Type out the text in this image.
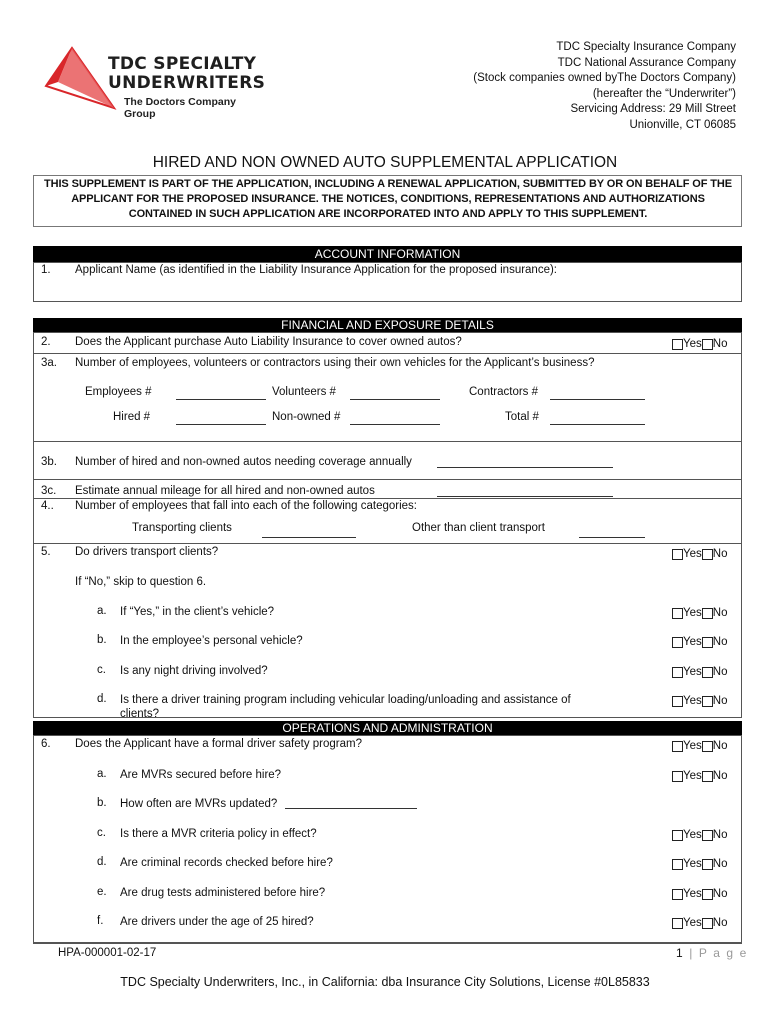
TDC SPECIALTY
UNDERWRITERS
The Doctors Company Group
TDC Specialty Insurance Company
TDC National Assurance Company
(Stock companies owned byThe Doctors Company)
(hereafter the “Underwriter”)
Servicing Address: 29 Mill Street
Unionville, CT 06085
HIRED AND NON OWNED AUTO SUPPLEMENTAL APPLICATION
THIS SUPPLEMENT IS PART OF THE APPLICATION, INCLUDING A RENEWAL APPLICATION, SUBMITTED BY OR ON BEHALF OF THE APPLICANT FOR THE PROPOSED INSURANCE. THE NOTICES, CONDITIONS, REPRESENTATIONS AND AUTHORIZATIONS CONTAINED IN SUCH APPLICATION ARE INCORPORATED INTO AND APPLY TO THIS SUPPLEMENT.
ACCOUNT INFORMATION
1. Applicant Name (as identified in the Liability Insurance Application for the proposed insurance):
FINANCIAL AND EXPOSURE DETAILS
2. Does the Applicant purchase Auto Liability Insurance to cover owned autos?	Yes No
3a. Number of employees, volunteers or contractors using their own vehicles for the Applicant’s business?
Employees #	Volunteers #	Contractors #
Hired #	Non-owned #	Total #
3b. Number of hired and non-owned autos needing coverage annually
3c. Estimate annual mileage for all hired and non-owned autos
4.. Number of employees that fall into each of the following categories:
Transporting clients	Other than client transport
5. Do drivers transport clients?	Yes No
If “No,” skip to question 6.
a. If “Yes,” in the client’s vehicle?	Yes No
b. In the employee’s personal vehicle?	Yes No
c. Is any night driving involved?	Yes No
d. Is there a driver training program including vehicular loading/unloading and assistance of clients?
Yes No
OPERATIONS AND ADMINISTRATION
6. Does the Applicant have a formal driver safety program?	Yes No
a. Are MVRs secured before hire?	Yes No
b. How often are MVRs updated?
c. Is there a MVR criteria policy in effect?	Yes No
d. Are criminal records checked before hire?	Yes No
e. Are drug tests administered before hire?	Yes No
f. Are drivers under the age of 25 hired?	Yes No
HPA-000001-02-17	1 | P a g e
TDC Specialty Underwriters, Inc., in California: dba Insurance City Solutions, License #0L85833
